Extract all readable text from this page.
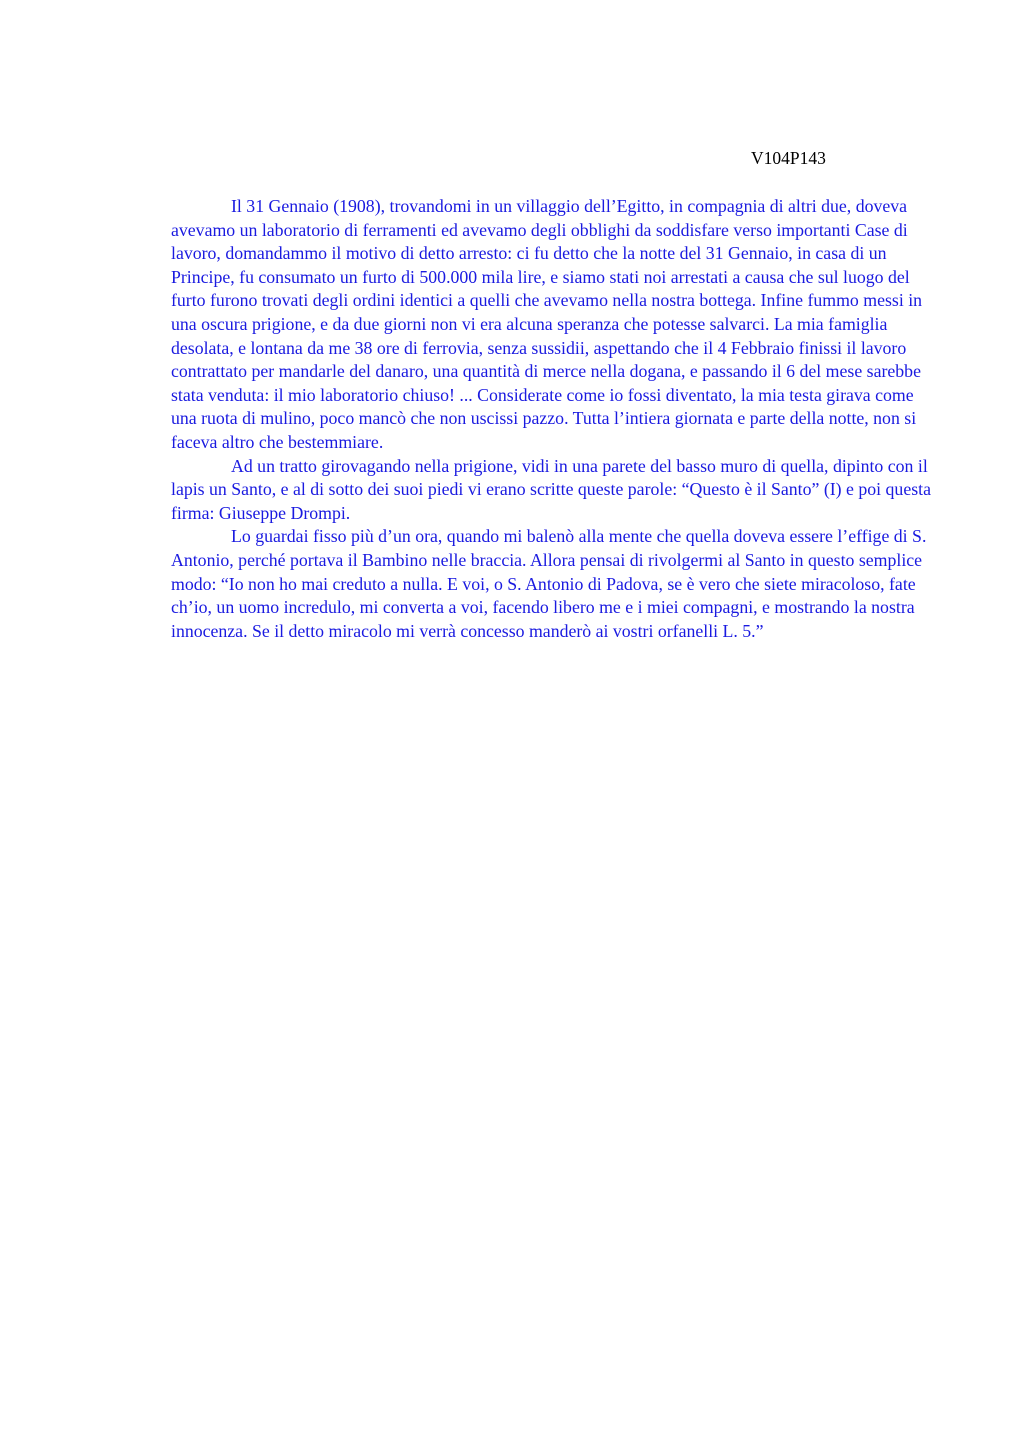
V104P143

Il 31 Gennaio (1908), trovandomi in un villaggio dell’Egitto, in compagnia di altri due, doveva avevamo un laboratorio di ferramenti ed avevamo degli obblighi da soddisfare verso importanti Case di lavoro, domandammo il motivo di detto arresto: ci fu detto che la notte del 31 Gennaio, in casa di un Principe, fu consumato un furto di 500.000 mila lire, e siamo stati noi arrestati a causa che sul luogo del furto furono trovati degli ordini identici a quelli che avevamo nella nostra bottega. Infine fummo messi in una oscura prigione, e da due giorni non vi era alcuna speranza che potesse salvarci. La mia famiglia desolata, e lontana da me 38 ore di ferrovia, senza sussidii, aspettando che il 4 Febbraio finissi il lavoro contrattato per mandarle del danaro, una quantità di merce nella dogana, e passando il 6 del mese sarebbe stata venduta: il mio laboratorio chiuso! ... Considerate come io fossi diventato, la mia testa girava come una ruota di mulino, poco mancò che non uscissi pazzo. Tutta l’intiera giornata e parte della notte, non si faceva altro che bestemmiare.

Ad un tratto girovagando nella prigione, vidi in una parete del basso muro di quella, dipinto con il lapis un Santo, e al di sotto dei suoi piedi vi erano scritte queste parole: “Questo è il Santo” (I) e poi questa firma: Giuseppe Drompi.

Lo guardai fisso più d’un ora, quando mi balenò alla mente che quella doveva essere l’effige di S. Antonio, perché portava il Bambino nelle braccia. Allora pensai di rivolgermi al Santo in questo semplice modo: “Io non ho mai creduto a nulla. E voi, o S. Antonio di Padova, se è vero che siete miracoloso, fate ch’io, un uomo incredulo, mi converta a voi, facendo libero me e i miei compagni, e mostrando la nostra innocenza. Se il detto miracolo mi verrà concesso manderò ai vostri orfanelli L. 5.”
